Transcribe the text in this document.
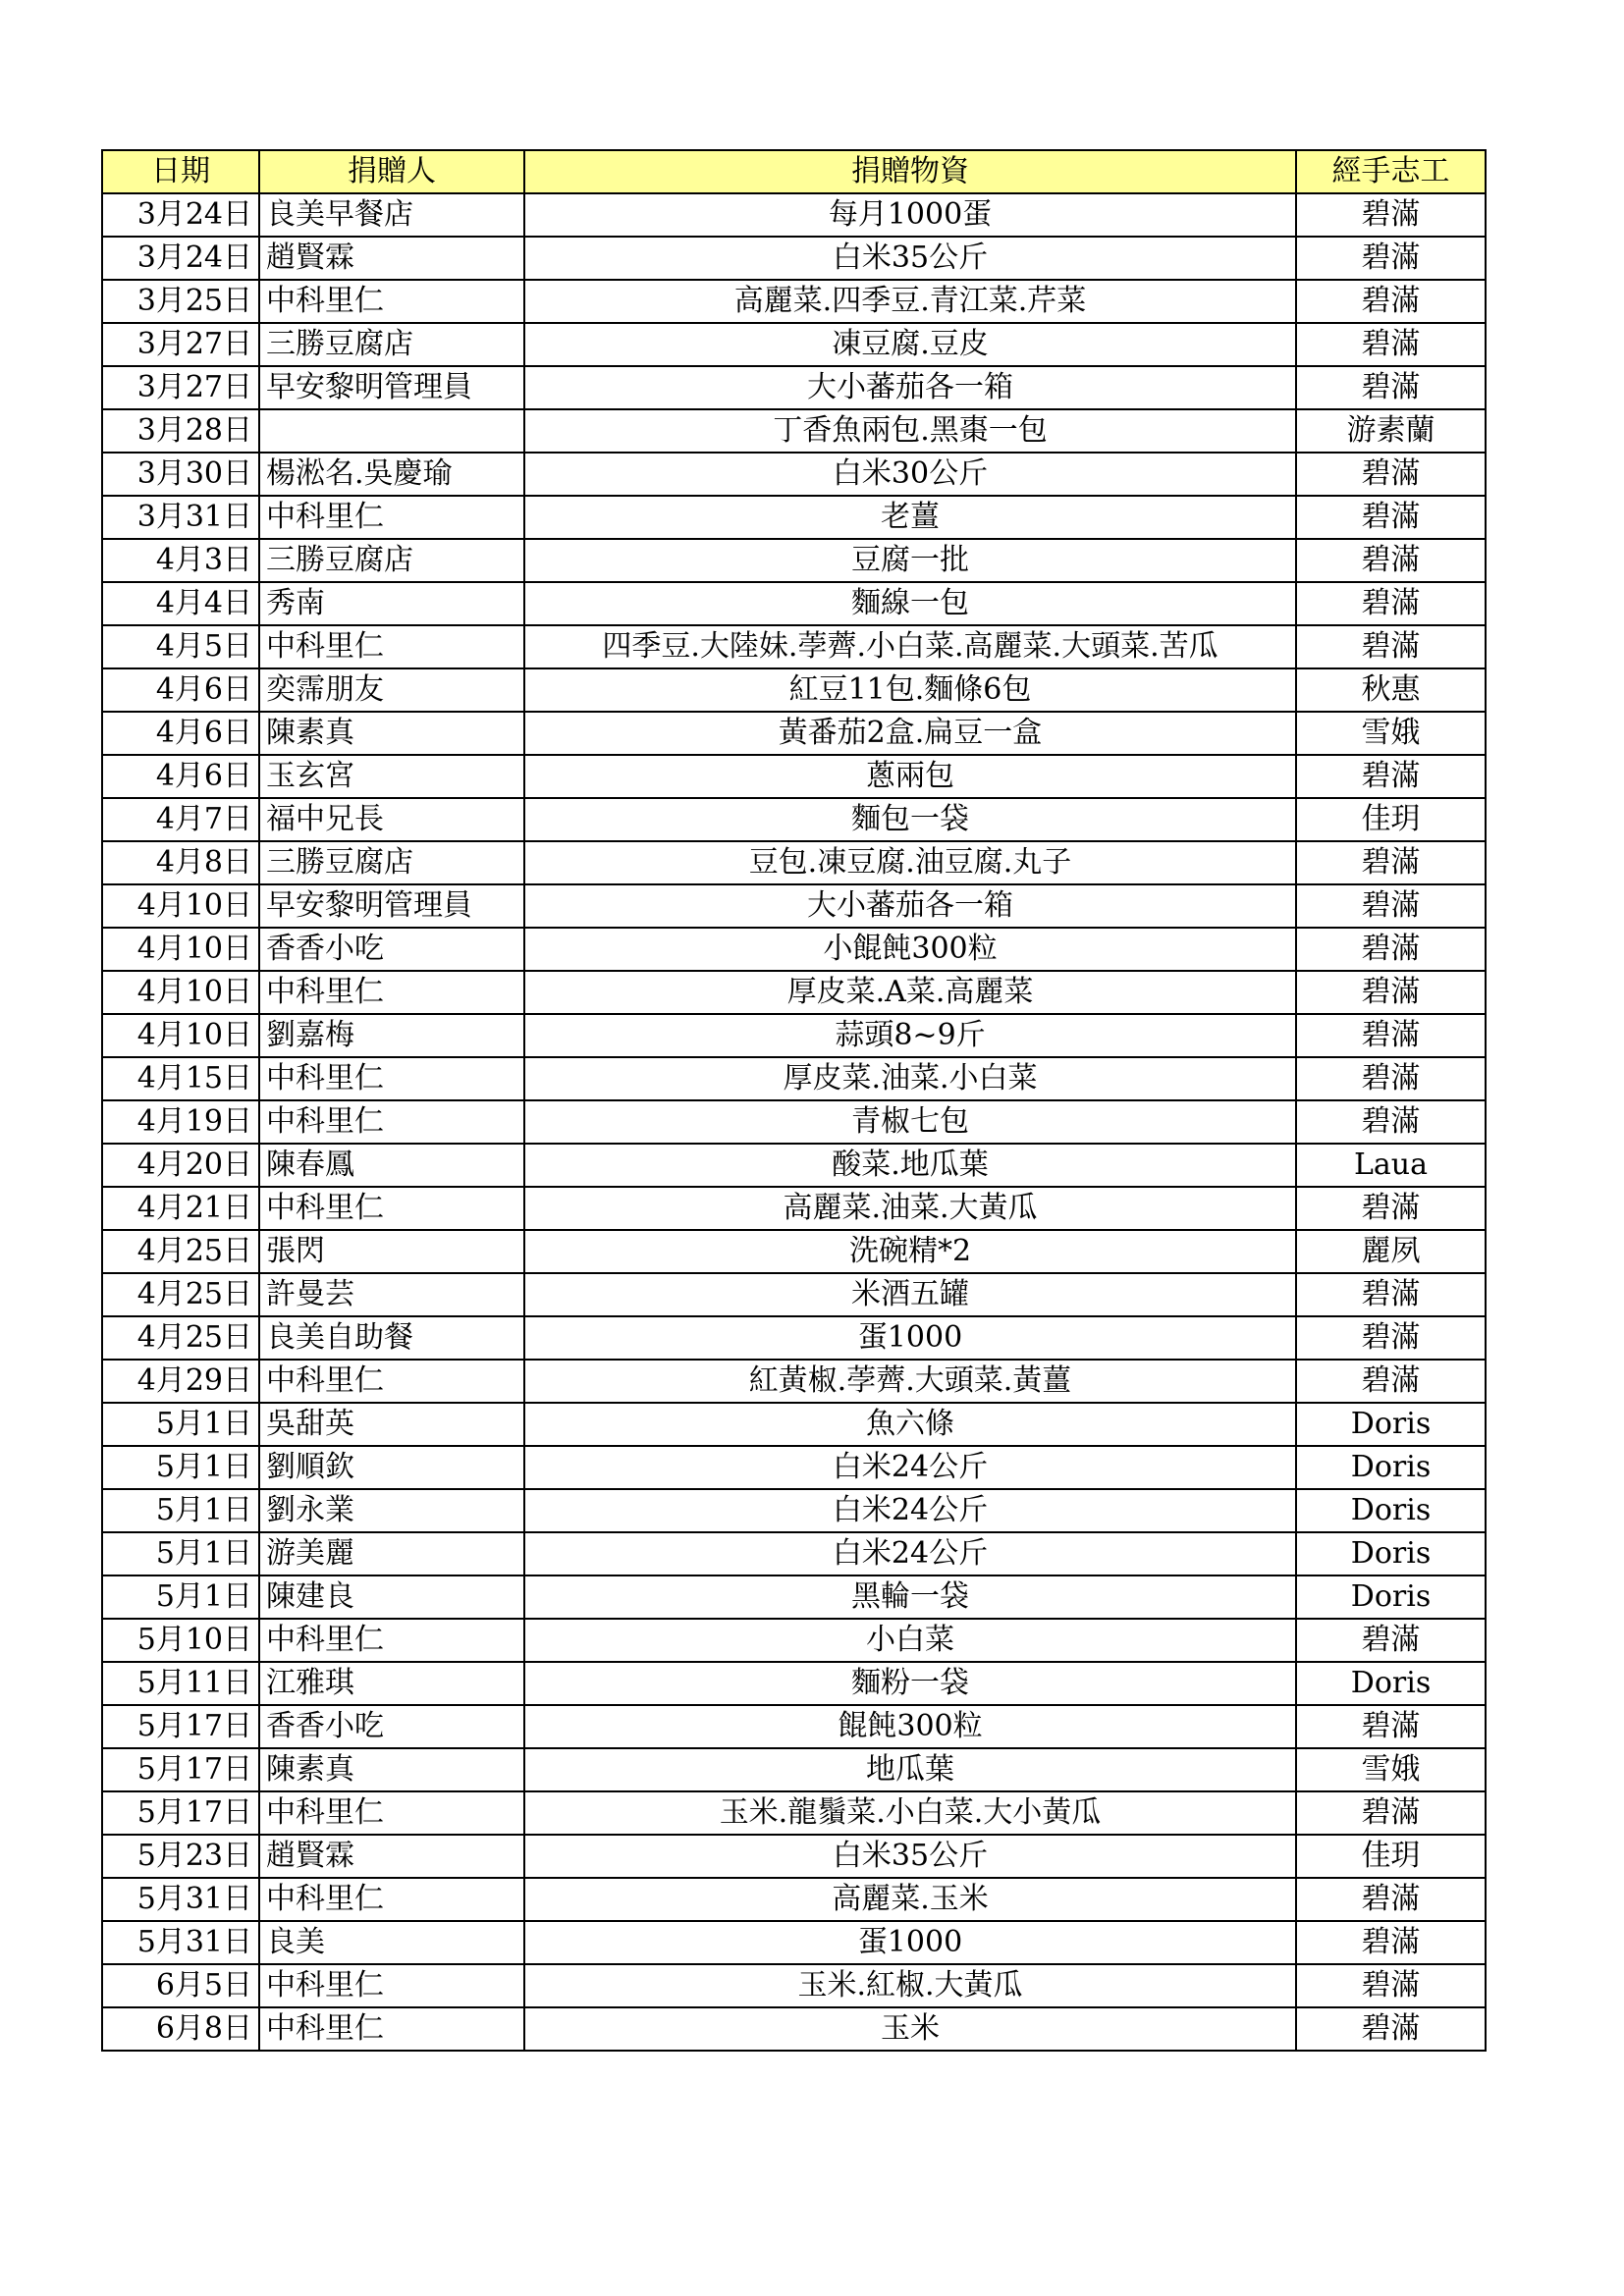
日期	捐贈人	捐贈物資	經手志工
3月24日	良美早餐店	每月1000蛋	碧滿
3月24日	趙賢霖	白米35公斤	碧滿
3月25日	中科里仁	高麗菜.四季豆.青江菜.芹菜	碧滿
3月27日	三勝豆腐店	凍豆腐.豆皮	碧滿
3月27日	早安黎明管理員	大小蕃茄各一箱	碧滿
3月28日		丁香魚兩包.黑棗一包	游素蘭
3月30日	楊淞名.吳慶瑜	白米30公斤	碧滿
3月31日	中科里仁	老薑	碧滿
4月3日	三勝豆腐店	豆腐一批	碧滿
4月4日	秀南	麵線一包	碧滿
4月5日	中科里仁	四季豆.大陸妹.荸薺.小白菜.高麗菜.大頭菜.苦瓜	碧滿
4月6日	奕霈朋友	紅豆11包.麵條6包	秋惠
4月6日	陳素真	黃番茄2盒.扁豆一盒	雪娥
4月6日	玉玄宮	蔥兩包	碧滿
4月7日	福中兄長	麵包一袋	佳玥
4月8日	三勝豆腐店	豆包.凍豆腐.油豆腐.丸子	碧滿
4月10日	早安黎明管理員	大小蕃茄各一箱	碧滿
4月10日	香香小吃	小餛飩300粒	碧滿
4月10日	中科里仁	厚皮菜.A菜.高麗菜	碧滿
4月10日	劉嘉梅	蒜頭8~9斤	碧滿
4月15日	中科里仁	厚皮菜.油菜.小白菜	碧滿
4月19日	中科里仁	青椒七包	碧滿
4月20日	陳春鳳	酸菜.地瓜葉	Laua
4月21日	中科里仁	高麗菜.油菜.大黃瓜	碧滿
4月25日	張閃	洗碗精*2	麗夙
4月25日	許曼芸	米酒五罐	碧滿
4月25日	良美自助餐	蛋1000	碧滿
4月29日	中科里仁	紅黃椒.荸薺.大頭菜.黃薑	碧滿
5月1日	吳甜英	魚六條	Doris
5月1日	劉順欽	白米24公斤	Doris
5月1日	劉永業	白米24公斤	Doris
5月1日	游美麗	白米24公斤	Doris
5月1日	陳建良	黑輪一袋	Doris
5月10日	中科里仁	小白菜	碧滿
5月11日	江雅琪	麵粉一袋	Doris
5月17日	香香小吃	餛飩300粒	碧滿
5月17日	陳素真	地瓜葉	雪娥
5月17日	中科里仁	玉米.龍鬚菜.小白菜.大小黃瓜	碧滿
5月23日	趙賢霖	白米35公斤	佳玥
5月31日	中科里仁	高麗菜.玉米	碧滿
5月31日	良美	蛋1000	碧滿
6月5日	中科里仁	玉米.紅椒.大黃瓜	碧滿
6月8日	中科里仁	玉米	碧滿
